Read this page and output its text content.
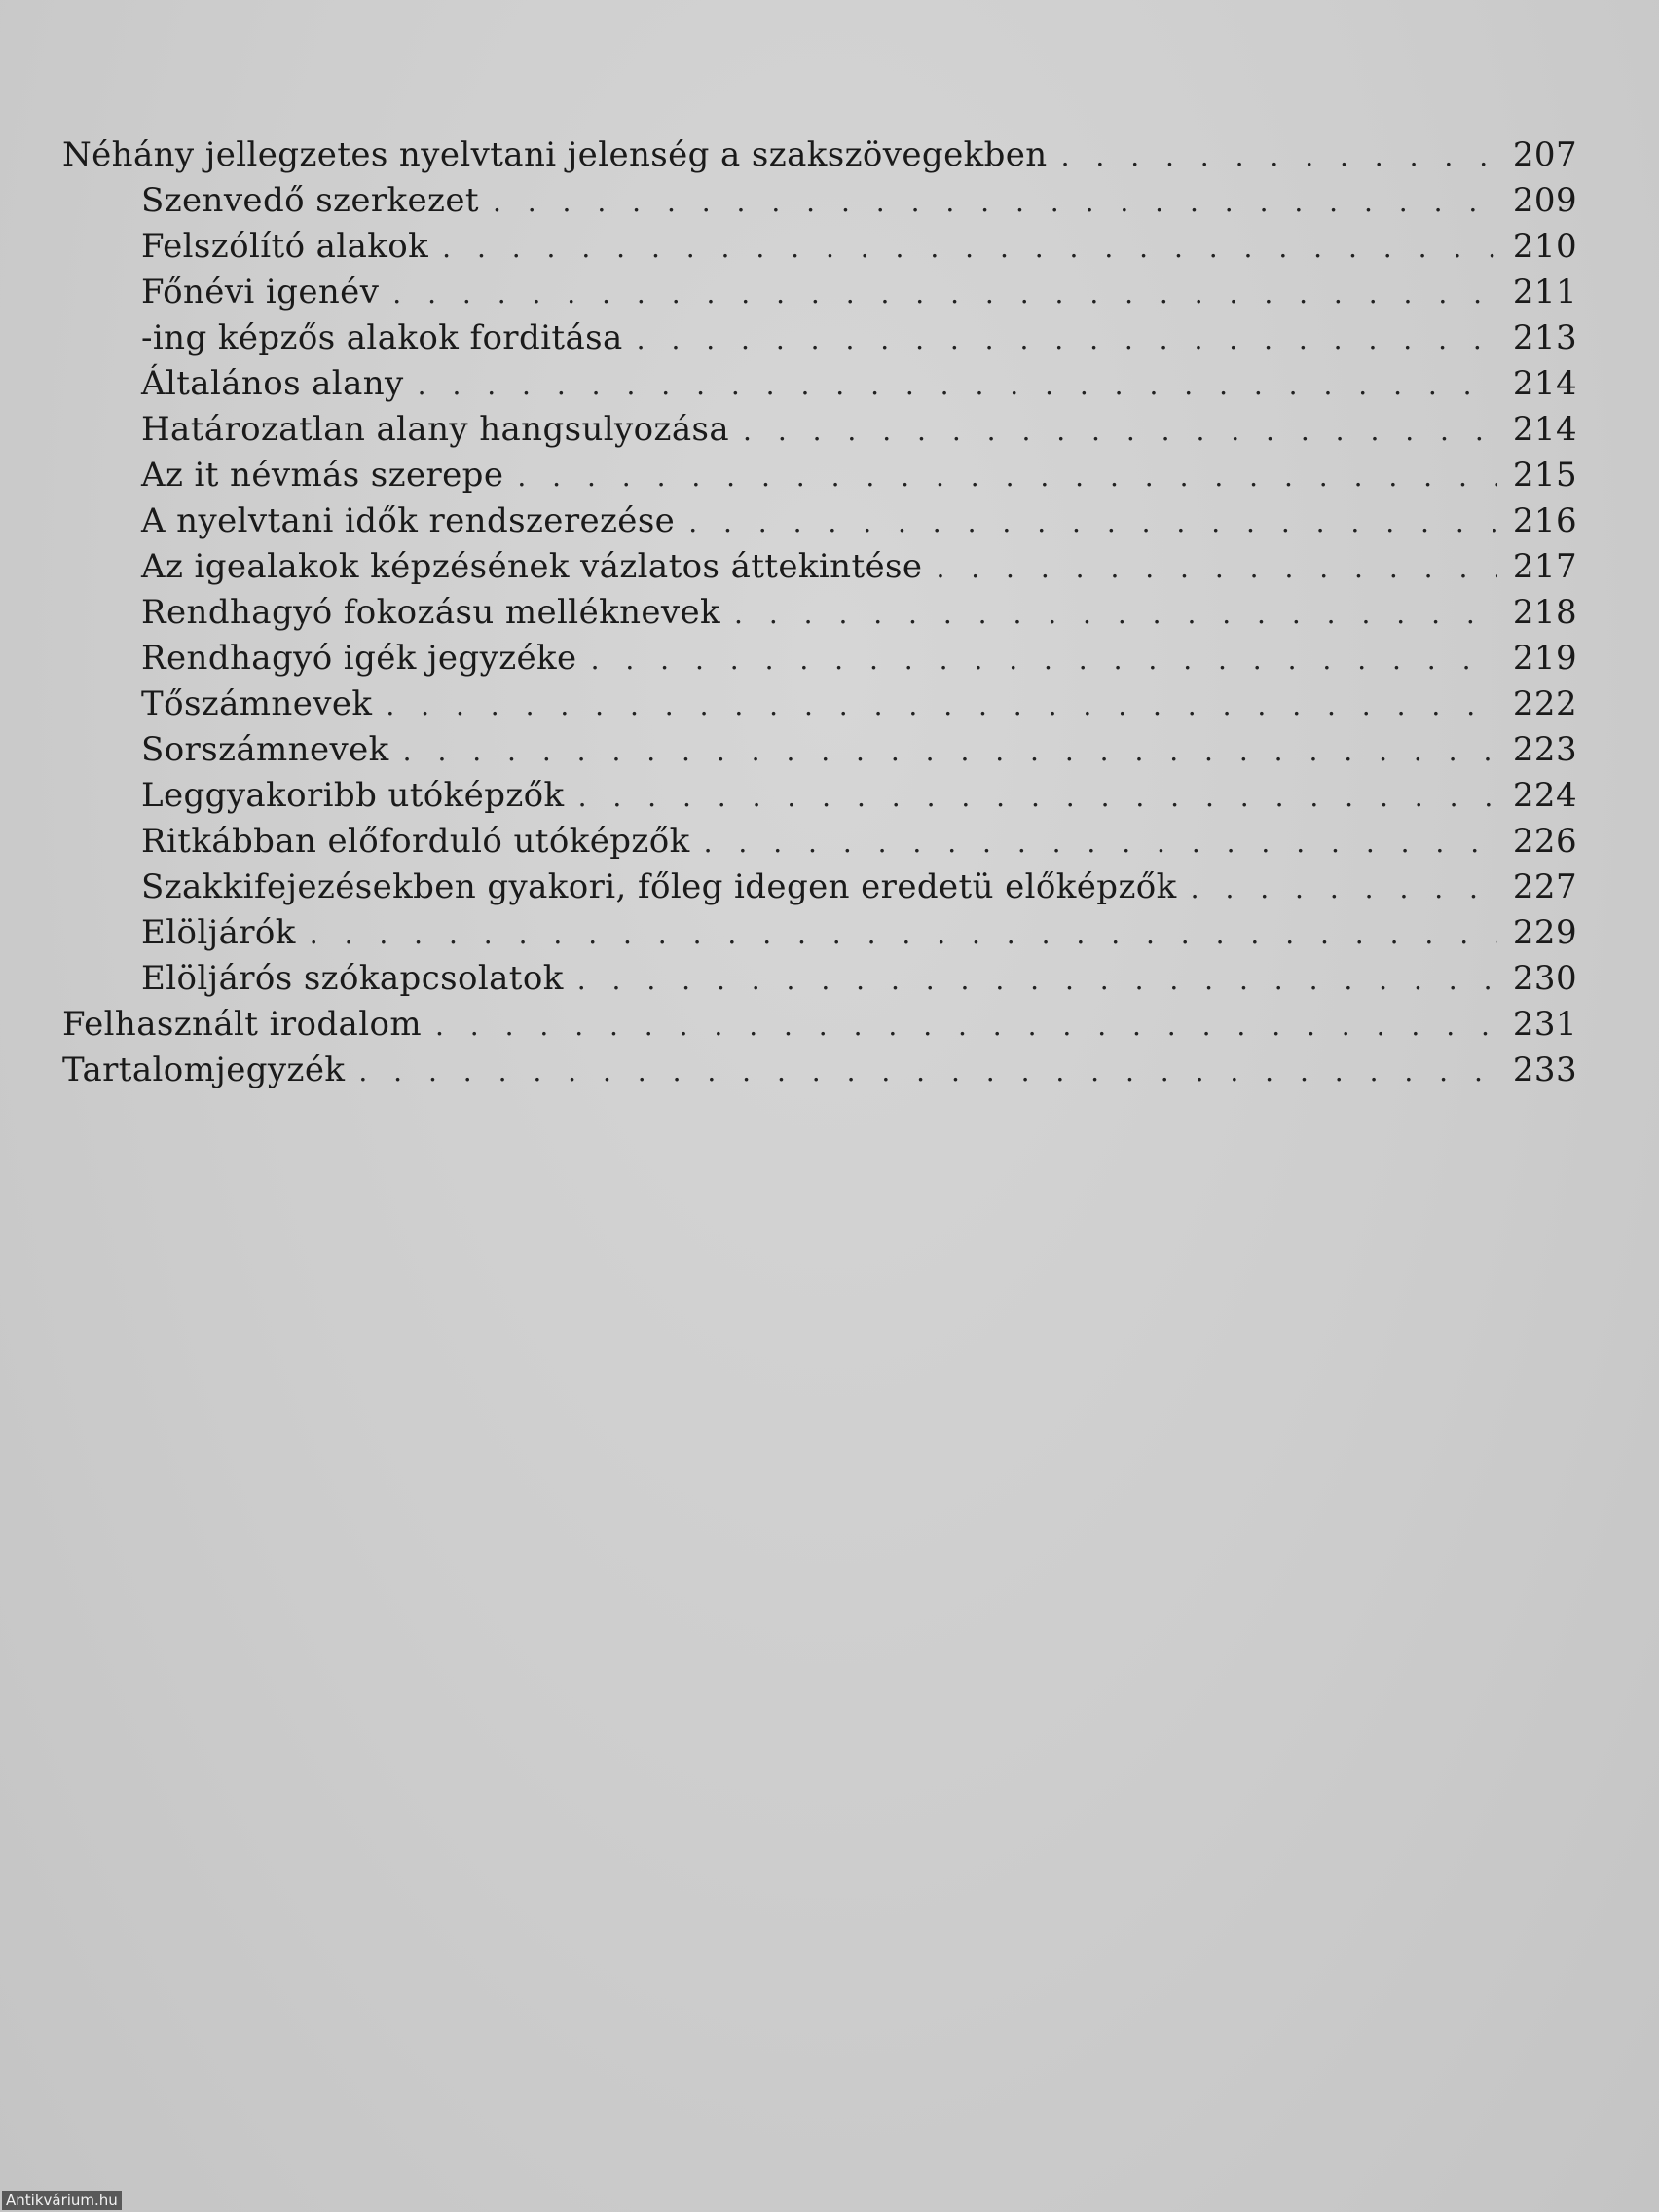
Néhány jellegzetes nyelvtani jelenség a szakszövegekben . . .	207
Szenvedő szerkezet . . .	209
Felszólító alakok . . .	210
Főnévi igenév . . .	211
-ing képzős alakok forditása . . .	213
Általános alany . . .	214
Határozatlan alany hangsulyozása . . .	214
Az it névmás szerepe . . .	215
A nyelvtani idők rendszerezése . . .	216
Az igealakok képzésének vázlatos áttekintése . . .	217
Rendhagyó fokozásu melléknevek . . .	218
Rendhagyó igék jegyzéke . . .	219
Tőszámnevek . . .	222
Sorszámnevek . . .	223
Leggyakoribb utóképzők . . .	224
Ritkábban előforduló utóképzők . . .	226
Szakkifejezésekben gyakori, főleg idegen eredetü előképzők . . .	227
Elöljárók . . .	229
Elöljárós szókapcsolatok . . .	230
Felhasznált irodalom . . .	231
Tartalomjegyzék . . .	233
Antikvárium.hu
